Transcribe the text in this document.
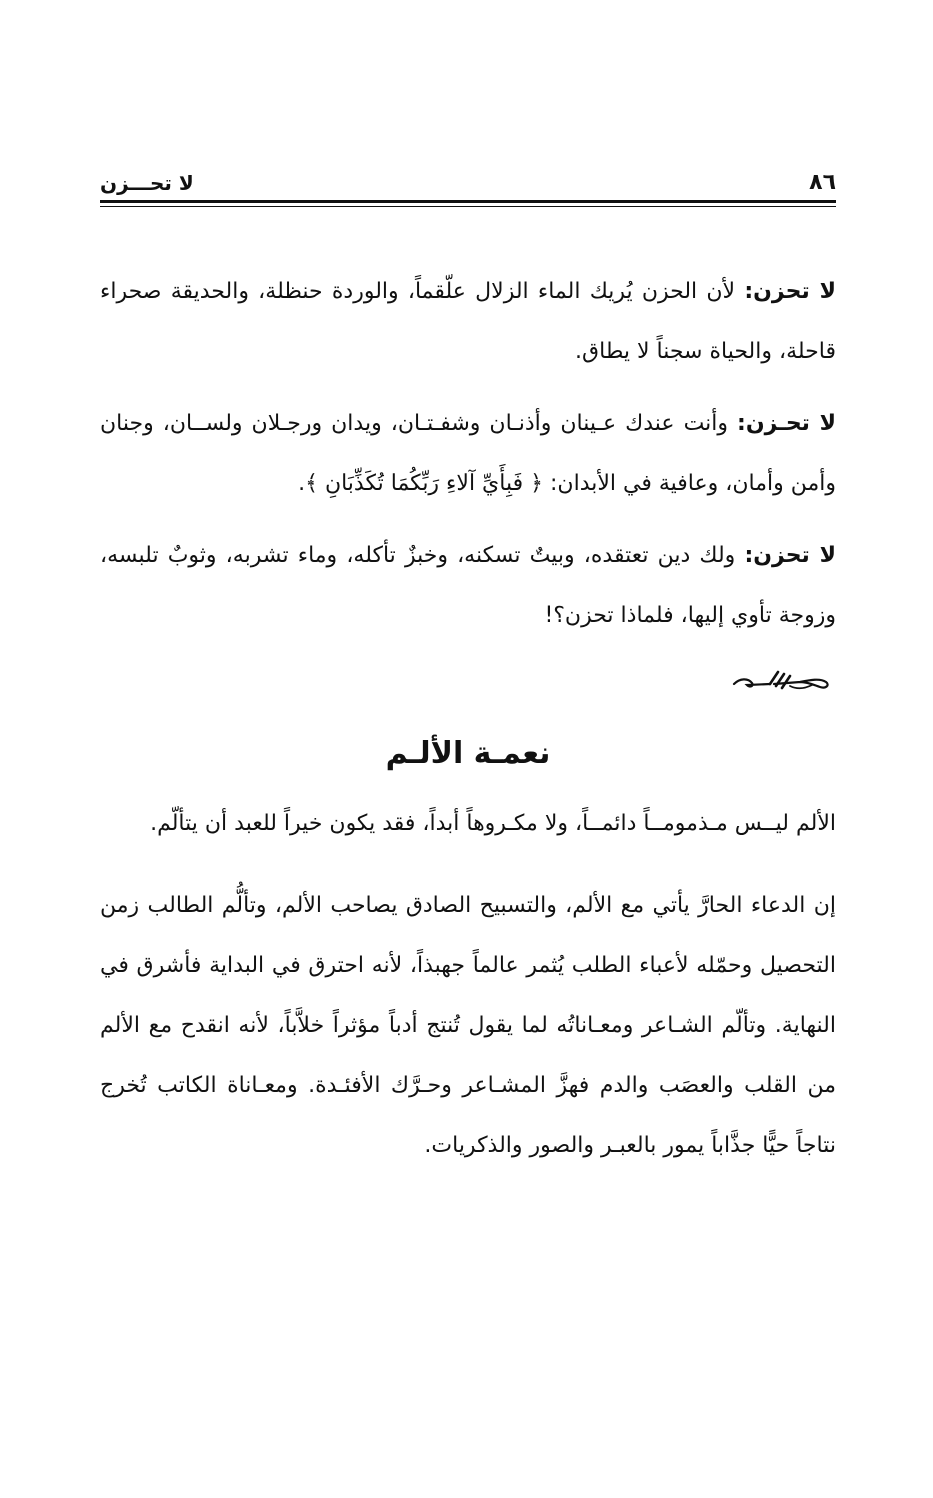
٨٦
لا تحـــزن

لا تحزن: لأن الحزن يُريك الماء الزلال علّقماً، والوردة حنظلة، والحديقة صحراء قاحلة، والحياة سجناً لا يطاق.

لا تحـزن: وأنت عندك عـينان وأذنـان وشفـتـان، ويدان ورجـلان ولســان، وجنان وأمن وأمان، وعافية في الأبدان: ﴿ فَبِأَيِّ آلاءِ رَبِّكُمَا تُكَذِّبَانِ ﴾.

لا تحزن: ولك دين تعتقده، وبيتٌ تسكنه، وخبزٌ تأكله، وماء تشربه، وثوبٌ تلبسه، وزوجة تأوي إليها، فلماذا تحزن؟!

نعمـة الألـم

الألم ليــس مـذمومــاً دائمــاً، ولا مكـروهاً أبداً، فقد يكون خيراً للعبد أن يتألّم.

إن الدعاء الحارَّ يأتي مع الألم، والتسبيح الصادق يصاحب الألم، وتألُّم الطالب زمن التحصيل وحمّله لأعباء الطلب يُثمر عالماً جهبذاً، لأنه احترق في البداية فأشرق في النهاية. وتألّم الشـاعر ومعـاناتُه لما يقول تُنتج أدباً مؤثراً خلاَّباً، لأنه انقدح مع الألم من القلب والعصَب والدم فهزَّ المشـاعر وحـرَّك الأفئـدة. ومعـاناة الكاتب تُخرج نتاجاً حيًّا جذَّاباً يمور بالعبـر والصور والذكريات.
